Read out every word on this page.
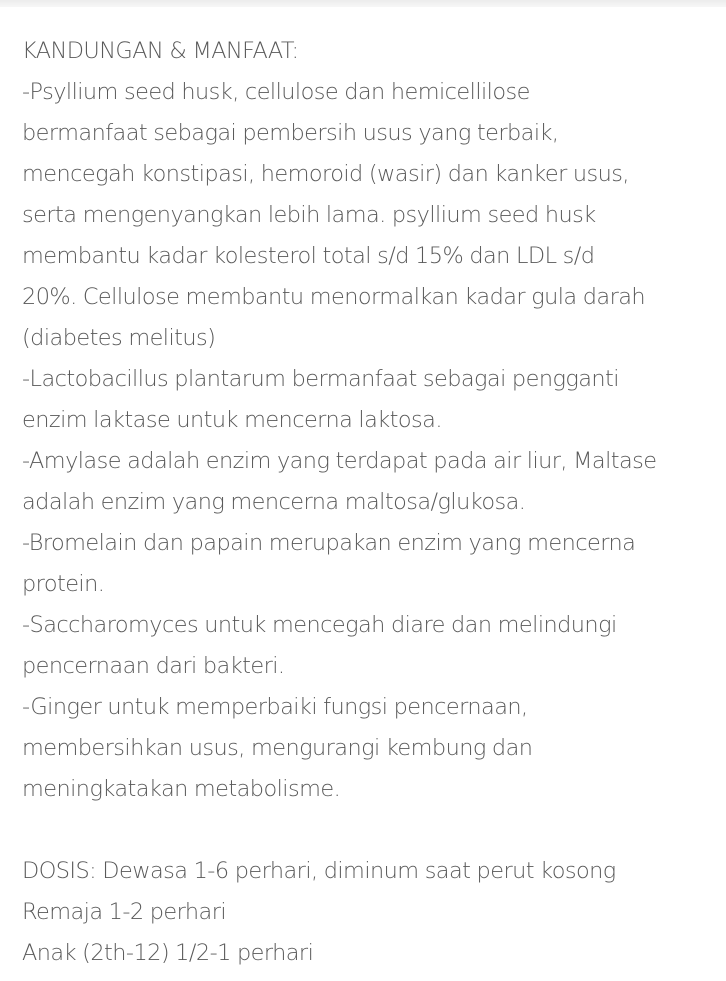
KANDUNGAN & MANFAAT:
-Psyllium seed husk, cellulose dan hemicellilose
bermanfaat sebagai pembersih usus yang terbaik,
mencegah konstipasi, hemoroid (wasir) dan kanker usus,
serta mengenyangkan lebih lama. psyllium seed husk
membantu kadar kolesterol total s/d 15% dan LDL s/d
20%. Cellulose membantu menormalkan kadar gula darah
(diabetes melitus)
-Lactobacillus plantarum bermanfaat sebagai pengganti
enzim laktase untuk mencerna laktosa.
-Amylase adalah enzim yang terdapat pada air liur, Maltase
adalah enzim yang mencerna maltosa/glukosa.
-Bromelain dan papain merupakan enzim yang mencerna
protein.
-Saccharomyces untuk mencegah diare dan melindungi
pencernaan dari bakteri.
-Ginger untuk memperbaiki fungsi pencernaan,
membersihkan usus, mengurangi kembung dan
meningkatakan metabolisme.
DOSIS: Dewasa 1-6 perhari, diminum saat perut kosong
Remaja 1-2 perhari
Anak (2th-12) 1/2-1 perhari
